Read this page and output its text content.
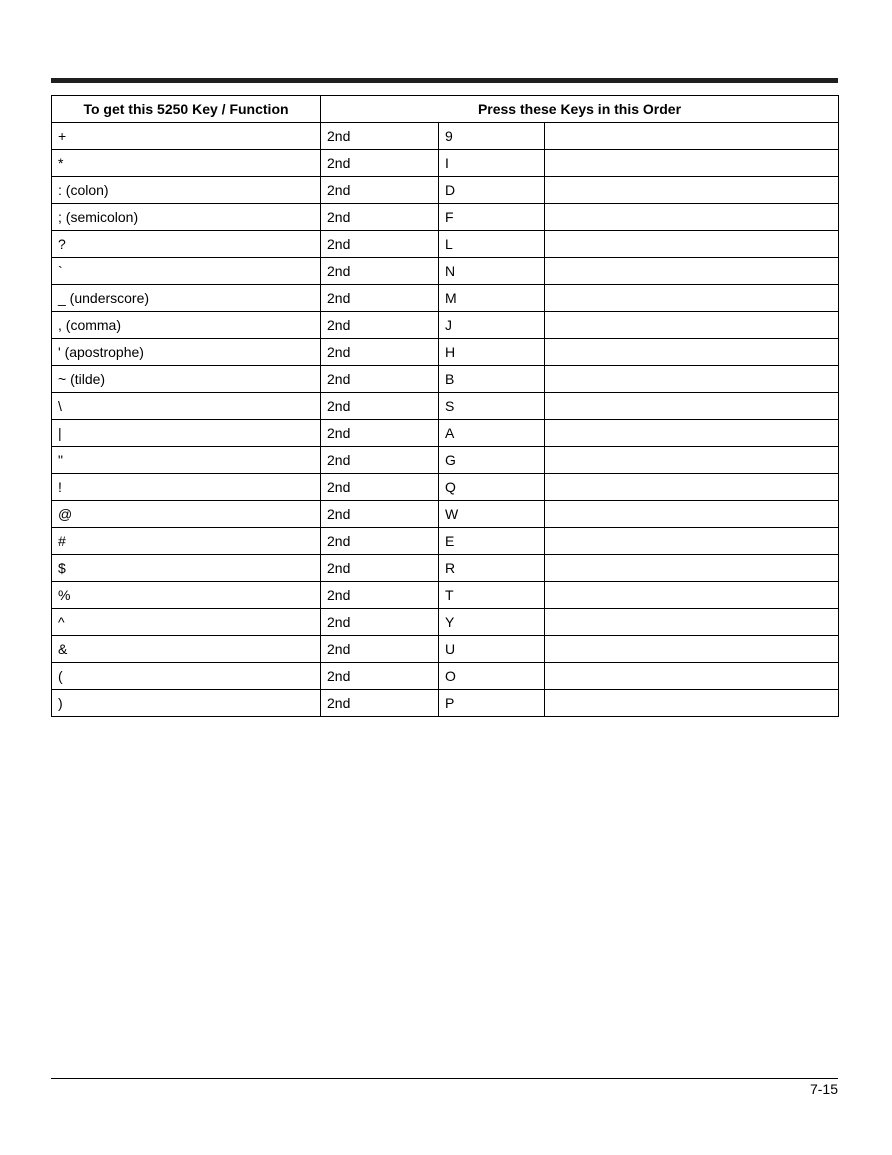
To get this 5250 Key / Function	Press these Keys in this Order		
+	2nd	9	
*	2nd	I	
: (colon)	2nd	D	
; (semicolon)	2nd	F	
?	2nd	L	
`	2nd	N	
_ (underscore)	2nd	M	
, (comma)	2nd	J	
' (apostrophe)	2nd	H	
~ (tilde)	2nd	B	
\	2nd	S	
|	2nd	A	
"	2nd	G	
!	2nd	Q	
@	2nd	W	
#	2nd	E	
$	2nd	R	
%	2nd	T	
^	2nd	Y	
&	2nd	U	
(	2nd	O	
)	2nd	P	
7-15
